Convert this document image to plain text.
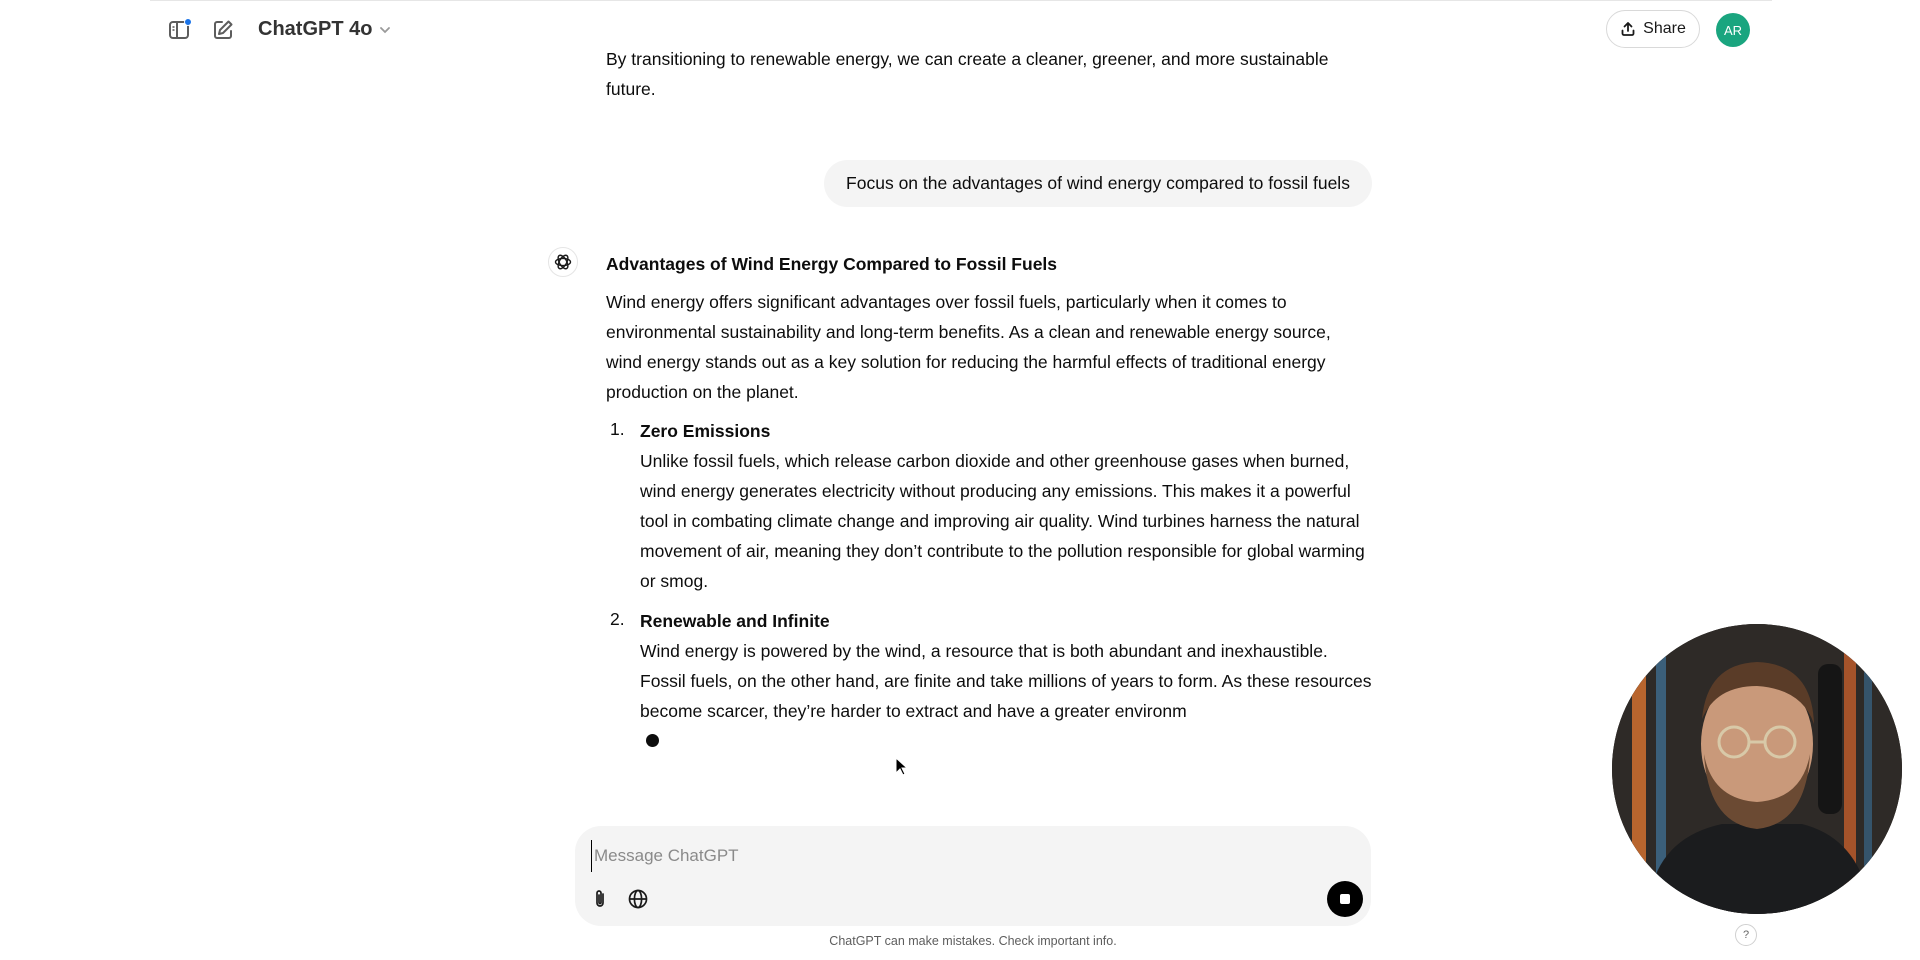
ChatGPT 4o	Share	AR
By transitioning to renewable energy, we can create a cleaner, greener, and more sustainable future.
Focus on the advantages of wind energy compared to fossil fuels
Advantages of Wind Energy Compared to Fossil Fuels
Wind energy offers significant advantages over fossil fuels, particularly when it comes to environmental sustainability and long-term benefits. As a clean and renewable energy source, wind energy stands out as a key solution for reducing the harmful effects of traditional energy production on the planet.
1. Zero Emissions
Unlike fossil fuels, which release carbon dioxide and other greenhouse gases when burned, wind energy generates electricity without producing any emissions. This makes it a powerful tool in combating climate change and improving air quality. Wind turbines harness the natural movement of air, meaning they don’t contribute to the pollution responsible for global warming or smog.
2. Renewable and Infinite
Wind energy is powered by the wind, a resource that is both abundant and inexhaustible. Fossil fuels, on the other hand, are finite and take millions of years to form. As these resources become scarcer, they’re harder to extract and have a greater environm
Message ChatGPT
ChatGPT can make mistakes. Check important info.	?
